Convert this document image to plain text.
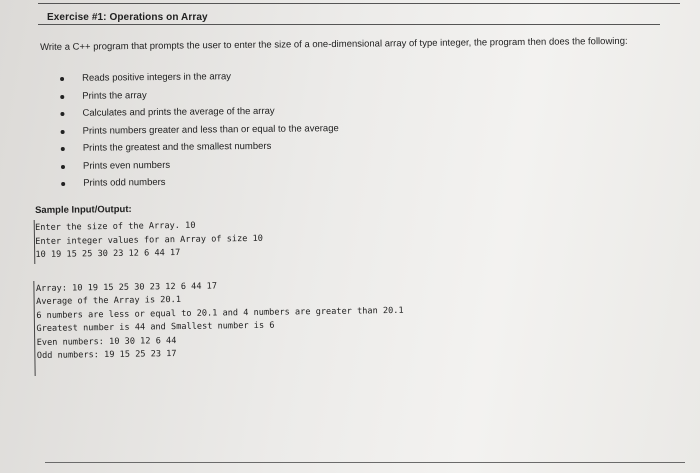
Exercise #1: Operations on Array
Write a C++ program that prompts the user to enter the size of a one-dimensional array of type integer, the program then does the following:
Reads positive integers in the array
Prints the array
Calculates and prints the average of the array
Prints numbers greater and less than or equal to the average
Prints the greatest and the smallest numbers
Prints even numbers
Prints odd numbers
Sample Input/Output:
Enter the size of the Array. 10
Enter integer values for an Array of size 10
10 19 15 25 30 23 12 6 44 17
Array: 10 19 15 25 30 23 12 6 44 17
Average of the Array is 20.1
6 numbers are less or equal to 20.1 and 4 numbers are greater than 20.1
Greatest number is 44 and Smallest number is 6
Even numbers: 10 30 12 6 44
Odd numbers: 19 15 25 23 17
